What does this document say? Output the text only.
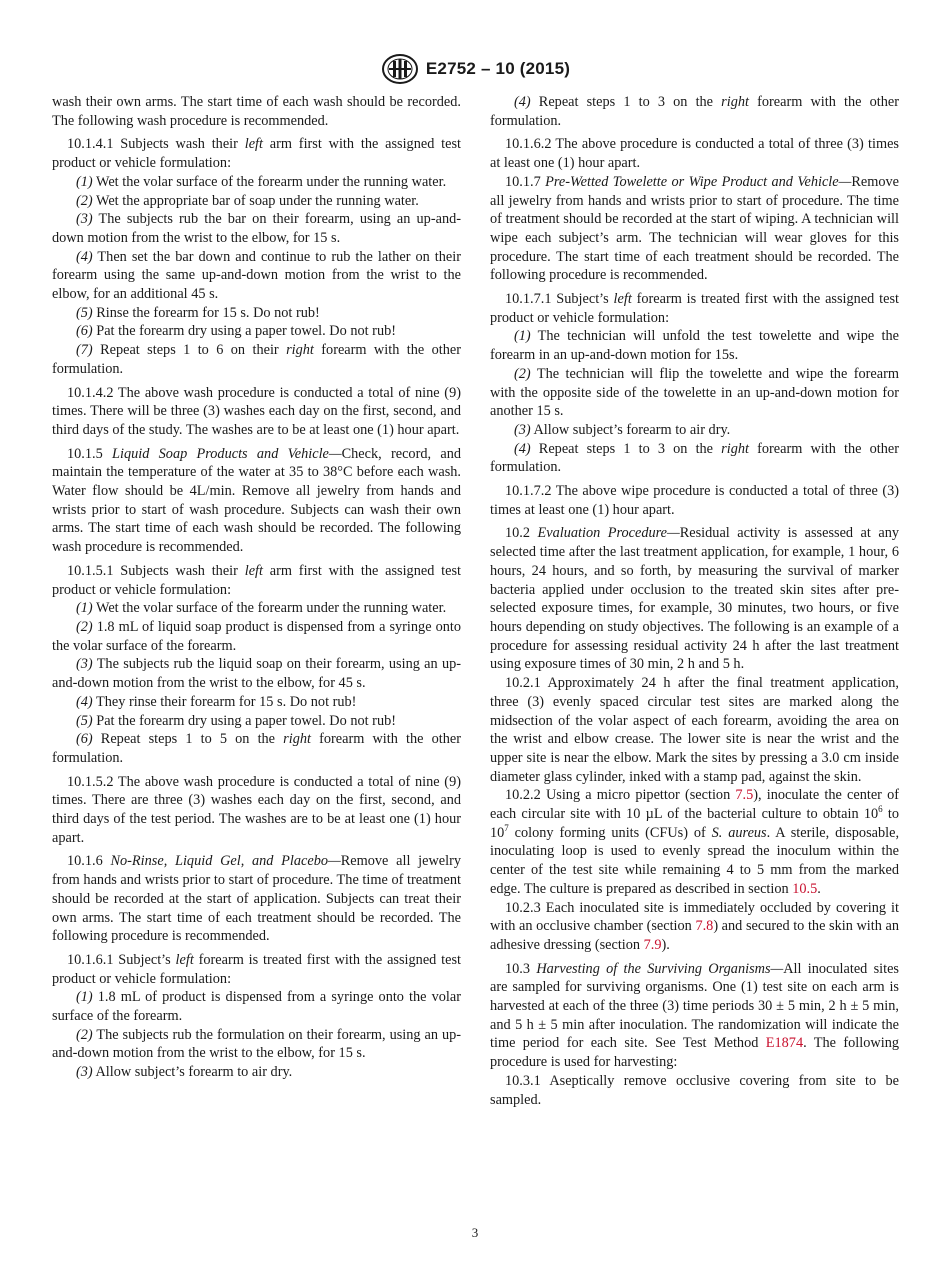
E2752 – 10 (2015)

wash their own arms. The start time of each wash should be recorded. The following wash procedure is recommended.

10.1.4.1 Subjects wash their left arm first with the assigned test product or vehicle formulation:

(1) Wet the volar surface of the forearm under the running water.

(2) Wet the appropriate bar of soap under the running water.

(3) The subjects rub the bar on their forearm, using an up-and-down motion from the wrist to the elbow, for 15 s.

(4) Then set the bar down and continue to rub the lather on their forearm using the same up-and-down motion from the wrist to the elbow, for an additional 45 s.

(5) Rinse the forearm for 15 s. Do not rub!

(6) Pat the forearm dry using a paper towel. Do not rub!

(7) Repeat steps 1 to 6 on their right forearm with the other formulation.

10.1.4.2 The above wash procedure is conducted a total of nine (9) times. There will be three (3) washes each day on the first, second, and third days of the study. The washes are to be at least one (1) hour apart.

10.1.5 Liquid Soap Products and Vehicle—Check, record, and maintain the temperature of the water at 35 to 38°C before each wash. Water flow should be 4L/min. Remove all jewelry from hands and wrists prior to start of wash procedure. Subjects can wash their own arms. The start time of each wash should be recorded. The following wash procedure is recommended.

10.1.5.1 Subjects wash their left arm first with the assigned test product or vehicle formulation:

(1) Wet the volar surface of the forearm under the running water.

(2) 1.8 mL of liquid soap product is dispensed from a syringe onto the volar surface of the forearm.

(3) The subjects rub the liquid soap on their forearm, using an up-and-down motion from the wrist to the elbow, for 45 s.

(4) They rinse their forearm for 15 s. Do not rub!

(5) Pat the forearm dry using a paper towel. Do not rub!

(6) Repeat steps 1 to 5 on the right forearm with the other formulation.

10.1.5.2 The above wash procedure is conducted a total of nine (9) times. There are three (3) washes each day on the first, second, and third days of the test period. The washes are to be at least one (1) hour apart.

10.1.6 No-Rinse, Liquid Gel, and Placebo—Remove all jewelry from hands and wrists prior to start of procedure. The time of treatment should be recorded at the start of application. Subjects can treat their own arms. The start time of each treatment should be recorded. The following procedure is recommended.

10.1.6.1 Subject’s left forearm is treated first with the assigned test product or vehicle formulation:

(1) 1.8 mL of product is dispensed from a syringe onto the volar surface of the forearm.

(2) The subjects rub the formulation on their forearm, using an up-and-down motion from the wrist to the elbow, for 15 s.

(3) Allow subject’s forearm to air dry.

(4) Repeat steps 1 to 3 on the right forearm with the other formulation.

10.1.6.2 The above procedure is conducted a total of three (3) times at least one (1) hour apart.

10.1.7 Pre-Wetted Towelette or Wipe Product and Vehicle—Remove all jewelry from hands and wrists prior to start of procedure. The time of treatment should be recorded at the start of wiping. A technician will wipe each subject’s arm. The technician will wear gloves for this procedure. The start time of each treatment should be recorded. The following procedure is recommended.

10.1.7.1 Subject’s left forearm is treated first with the assigned test product or vehicle formulation:

(1) The technician will unfold the test towelette and wipe the forearm in an up-and-down motion for 15s.

(2) The technician will flip the towelette and wipe the forearm with the opposite side of the towelette in an up-and-down motion for another 15 s.

(3) Allow subject’s forearm to air dry.

(4) Repeat steps 1 to 3 on the right forearm with the other formulation.

10.1.7.2 The above wipe procedure is conducted a total of three (3) times at least one (1) hour apart.

10.2 Evaluation Procedure—Residual activity is assessed at any selected time after the last treatment application, for example, 1 hour, 6 hours, 24 hours, and so forth, by measuring the survival of marker bacteria applied under occlusion to the treated skin sites after pre-selected exposure times, for example, 30 minutes, two hours, or five hours depending on study objectives. The following is an example of a procedure for assessing residual activity 24 h after the last treatment using exposure times of 30 min, 2 h and 5 h.

10.2.1 Approximately 24 h after the final treatment application, three (3) evenly spaced circular test sites are marked along the midsection of the volar aspect of each forearm, avoiding the area on the wrist and elbow crease. The lower site is near the wrist and the upper site is near the elbow. Mark the sites by pressing a 3.0 cm inside diameter glass cylinder, inked with a stamp pad, against the skin.

10.2.2 Using a micro pipettor (section 7.5), inoculate the center of each circular site with 10 µL of the bacterial culture to obtain $10^6$ to $10^7$ colony forming units (CFUs) of S. aureus. A sterile, disposable, inoculating loop is used to evenly spread the inoculum within the center of the test site while remaining 4 to 5 mm from the marked edge. The culture is prepared as described in section 10.5.

10.2.3 Each inoculated site is immediately occluded by covering it with an occlusive chamber (section 7.8) and secured to the skin with an adhesive dressing (section 7.9).

10.3 Harvesting of the Surviving Organisms—All inoculated sites are sampled for surviving organisms. One (1) test site on each arm is harvested at each of the three (3) time periods 30 ± 5 min, 2 h ± 5 min, and 5 h ± 5 min after inoculation. The randomization will indicate the time period for each site. See Test Method E1874. The following procedure is used for harvesting:

10.3.1 Aseptically remove occlusive covering from site to be sampled.

3
